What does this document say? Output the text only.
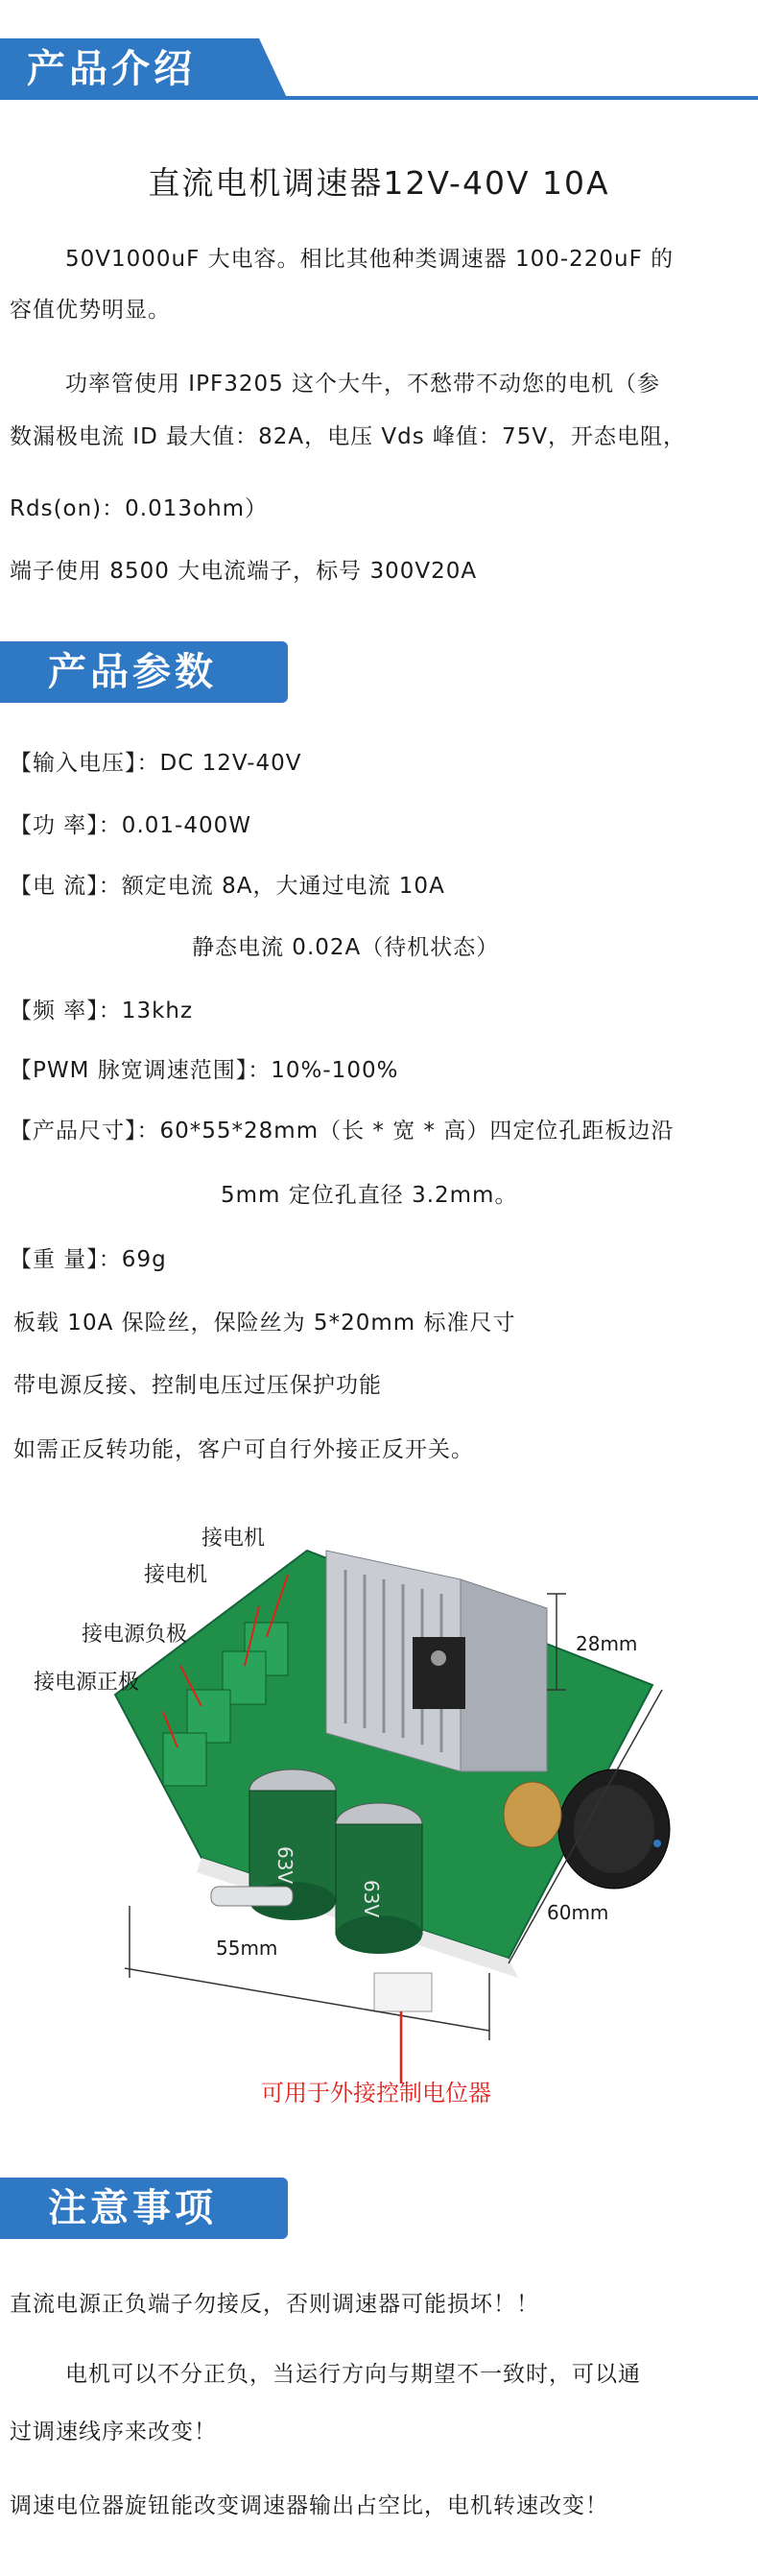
产品介绍
直流电机调速器12V-40V 10A
50V1000uF 大电容。相比其他种类调速器 100-220uF 的
容值优势明显。
功率管使用 IPF3205 这个大牛，不愁带不动您的电机（参
数漏极电流 ID 最大值：82A，电压 Vds 峰值：75V，开态电阻，
Rds(on)：0.013ohm）
端子使用 8500 大电流端子，标号 300V20A
产品参数
【输入电压】：DC 12V-40V
【功 率】：0.01-400W
【电 流】：额定电流 8A，大通过电流 10A
静态电流 0.02A（待机状态）
【频 率】：13khz
【PWM 脉宽调速范围】：10%-100%
【产品尺寸】：60*55*28mm（长 * 宽 * 高）四定位孔距板边沿
5mm 定位孔直径 3.2mm。
【重 量】：69g
板载 10A 保险丝，保险丝为 5*20mm 标准尺寸
带电源反接、控制电压过压保护功能
如需正反转功能，客户可自行外接正反开关。
63V
63V
接电机
接电机
接电源负极
接电源正极
28mm
60mm
55mm
可用于外接控制电位器
注意事项
直流电源正负端子勿接反，否则调速器可能损坏！！
电机可以不分正负，当运行方向与期望不一致时，可以通
过调速线序来改变！
调速电位器旋钮能改变调速器输出占空比，电机转速改变！
